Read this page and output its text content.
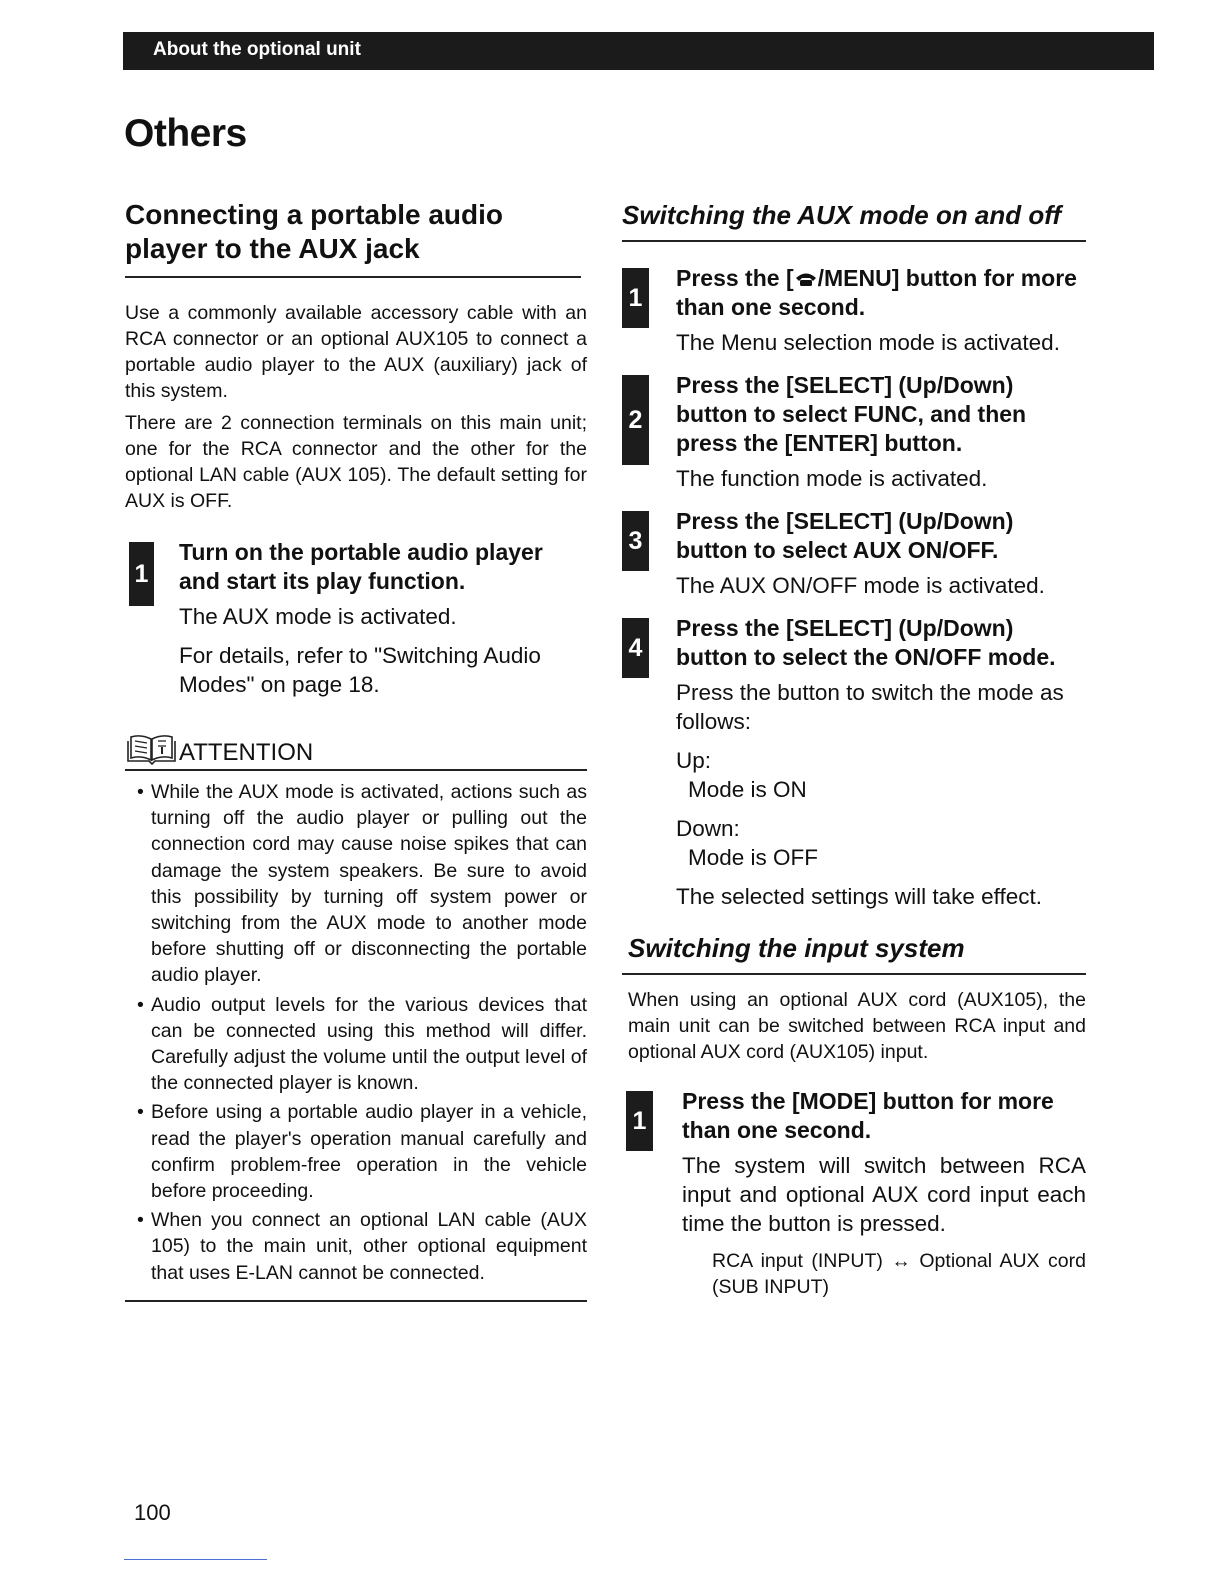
About the optional unit
Others
Connecting a portable audio player to the AUX jack

Use a commonly available accessory cable with an RCA connector or an optional AUX105 to connect a portable audio player to the AUX (auxiliary) jack of this system.

There are 2 connection terminals on this main unit; one for the RCA connector and the other for the optional LAN cable (AUX 105). The default setting for AUX is OFF.

1

Turn on the portable audio player and start its play function.

The AUX mode is activated.

For details, refer to "Switching Audio Modes" on page 18.

ATTENTION
• While the AUX mode is activated, actions such as turning off the audio player or pulling out the connection cord may cause noise spikes that can damage the system speakers. Be sure to avoid this possibility by turning off system power or switching from the AUX mode to another mode before shutting off or disconnecting the portable audio player.
• Audio output levels for the various devices that can be connected using this method will differ. Carefully adjust the volume until the output level of the connected player is known.
• Before using a portable audio player in a vehicle, read the player's operation manual carefully and confirm problem-free operation in the vehicle before proceeding.
• When you connect an optional LAN cable (AUX 105) to the main unit, other optional equipment that uses E-LAN cannot be connected.
Switching the AUX mode on and off
1

Press the [ /MENU] button for more than one second.

The Menu selection mode is activated.

2

Press the [SELECT] (Up/Down) button to select FUNC, and then press the [ENTER] button.

The function mode is activated.

3

Press the [SELECT] (Up/Down) button to select AUX ON/OFF.

The AUX ON/OFF mode is activated.

4

Press the [SELECT] (Up/Down) button to select the ON/OFF mode.

Press the button to switch the mode as follows:

Up:

Mode is ON

Down:

Mode is OFF

The selected settings will take effect.

Switching the input system

When using an optional AUX cord (AUX105), the main unit can be switched between RCA input and optional AUX cord (AUX105) input.

1

Press the [MODE] button for more than one second.

The system will switch between RCA input and optional AUX cord input each time the button is pressed.

RCA input (INPUT) ↔ Optional AUX cord (SUB INPUT)

100
